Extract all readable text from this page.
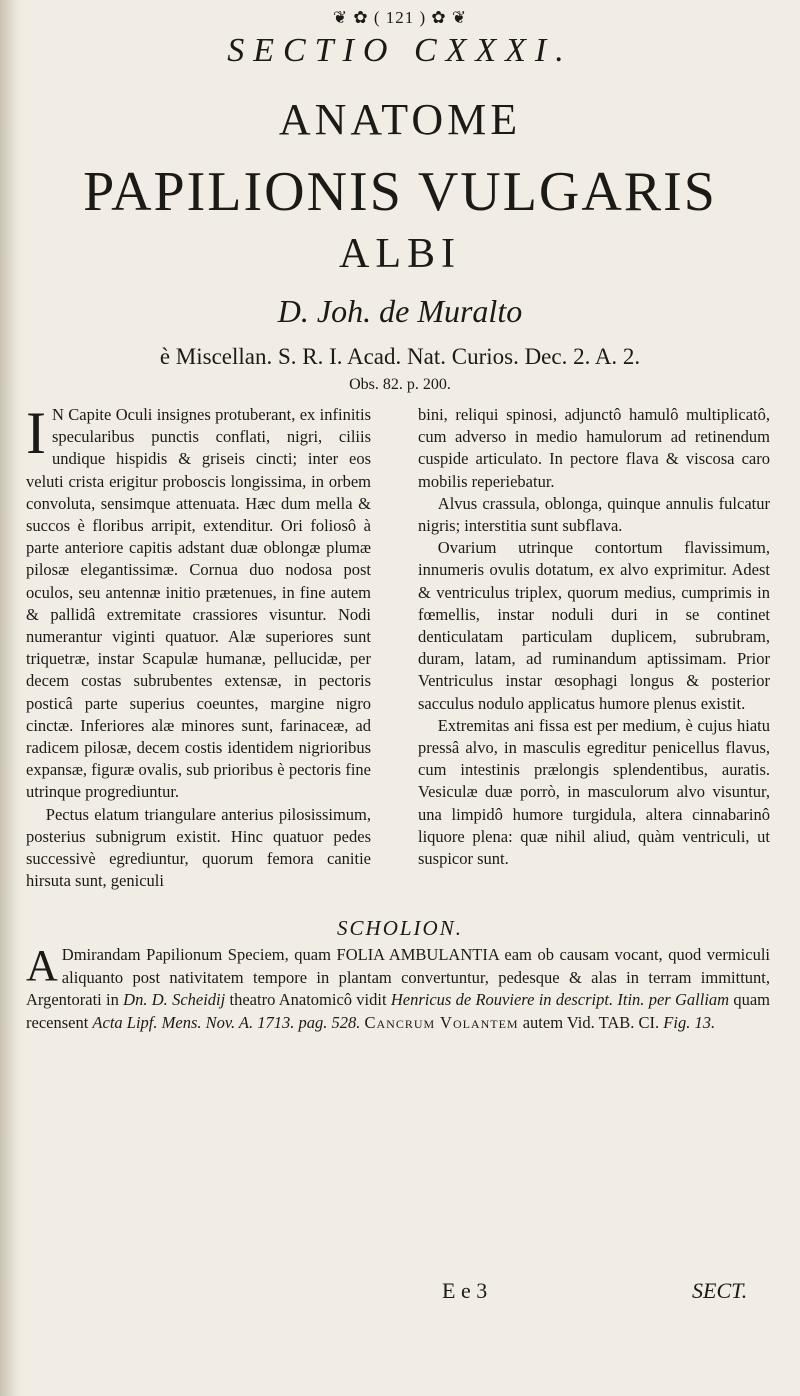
❦ ✿ ( 121 ) ✿ ❦
SECTIO CXXXI.
ANATOME
PAPILIONIS VULGARIS
ALBI
D. Joh. de Muralto
è Miscellan. S. R. I. Acad. Nat. Curios. Dec. 2. A. 2.
Obs. 82. p. 200.

I N Capite Oculi insignes protuberant, ex infinitis specularibus punctis conflati, nigri, ciliis undique hispidis & griseis cincti; inter eos veluti crista erigitur proboscis longissima, in orbem convoluta, sensimque attenuata. Hæc dum mella & succos è floribus arripit, extenditur. Ori foliosô à parte anteriore capitis adstant duæ oblongæ plumæ pilosæ elegantissimæ. Cornua duo nodosa post oculos, seu antennæ initio prætenues, in fine autem & pallidâ extremitate crassiores visuntur. Nodi numerantur viginti quatuor. Alæ superiores sunt triquetræ, instar Scapulæ humanæ, pellucidæ, per decem costas subrubentes extensæ, in pectoris posticâ parte superius coeuntes, margine nigro cinctæ. Inferiores alæ minores sunt, farinaceæ, ad radicem pilosæ, decem costis identidem nigrioribus expansæ, figuræ ovalis, sub prioribus è pectoris fine utrinque progrediuntur.

Pectus elatum triangulare anterius pilosissimum, posterius subnigrum existit. Hinc quatuor pedes successivè egrediuntur, quorum femora canitie hirsuta sunt, geniculi

bini, reliqui spinosi, adjunctô hamulô multiplicatô, cum adverso in medio hamulorum ad retinendum cuspide articulato. In pectore flava & viscosa caro mobilis reperiebatur.

Alvus crassula, oblonga, quinque annulis fulcatur nigris; interstitia sunt subflava.

Ovarium utrinque contortum flavissimum, innumeris ovulis dotatum, ex alvo exprimitur. Adest & ventriculus triplex, quorum medius, cumprimis in fœmellis, instar noduli duri in se continet denticulatam particulam duplicem, subrubram, duram, latam, ad ruminandum aptissimam. Prior Ventriculus instar œsophagi longus & posterior sacculus nodulo applicatus humore plenus existit.

Extremitas ani fissa est per medium, è cujus hiatu pressâ alvo, in masculis egreditur penicellus flavus, cum intestinis prælongis splendentibus, auratis. Vesiculæ duæ porrò, in masculorum alvo visuntur, una limpidô humore turgidula, altera cinnabarinô liquore plena: quæ nihil aliud, quàm ventriculi, ut suspicor sunt.

SCHOLION.
A Dmirandam Papilionum Speciem, quam FOLIA AMBULANTIA eam ob causam vocant, quod vermiculi aliquanto post nativitatem tempore in plantam convertuntur, pedesque & alas in terram immittunt, Argentorati in Dn. D. Scheidij theatro Anatomicô vidit Henricus de Rouviere in descript. Itin. per Galliam quam recensent Acta Lipf. Mens. Nov. A. 1713. pag. 528. Cancrum Volantem autem Vid. TAB. CI. Fig. 13.
E e 3	SECT.
